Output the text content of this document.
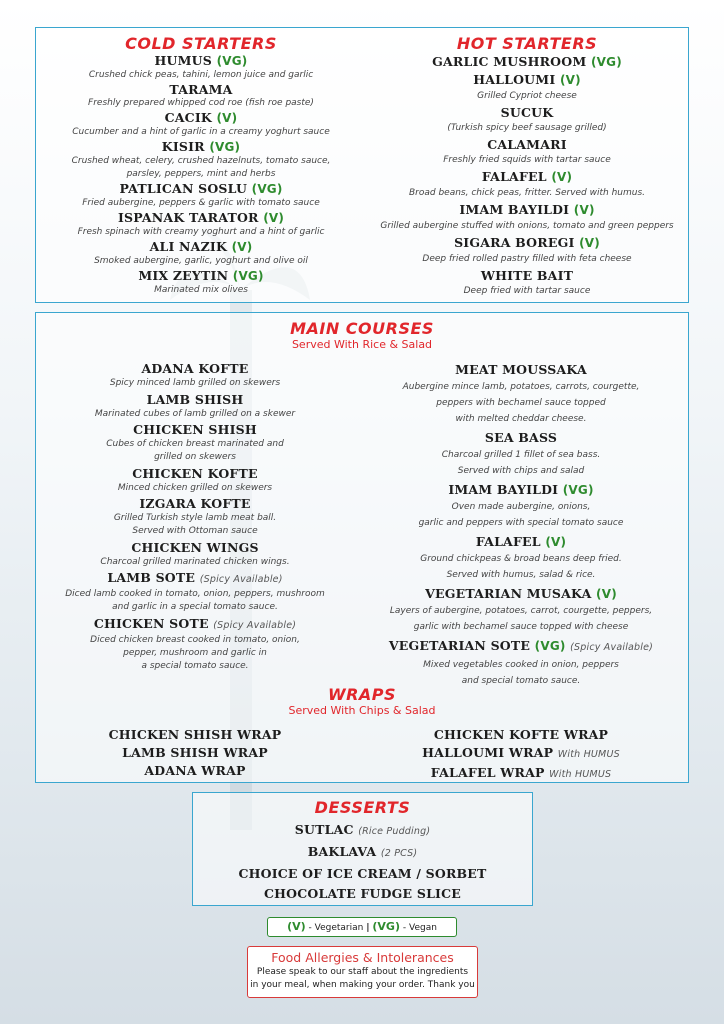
COLD STARTERS
HUMUS (VG)
Crushed chick peas, tahini, lemon juice and garlic
TARAMA
Freshly prepared whipped cod roe (fish roe paste)
CACIK (V)
Cucumber and a hint of garlic in a creamy yoghurt sauce
KISIR (VG)
Crushed wheat, celery, crushed hazelnuts, tomato sauce,
parsley, peppers, mint and herbs
PATLICAN SOSLU (VG)
Fried aubergine, peppers & garlic with tomato sauce
ISPANAK TARATOR (V)
Fresh spinach with creamy yoghurt and a hint of garlic
ALI NAZIK (V)
Smoked aubergine, garlic, yoghurt and olive oil
MIX ZEYTIN (VG)
Marinated mix olives
HOT STARTERS
GARLIC MUSHROOM (VG)
HALLOUMI (V)
Grilled Cypriot cheese
SUCUK
(Turkish spicy beef sausage grilled)
CALAMARI
Freshly fried squids with tartar sauce
FALAFEL (V)
Broad beans, chick peas, fritter. Served with humus.
IMAM BAYILDI (V)
Grilled aubergine stuffed with onions, tomato and green peppers
SIGARA BOREGI (V)
Deep fried rolled pastry filled with feta cheese
WHITE BAIT
Deep fried with tartar sauce
MAIN COURSES
Served With Rice & Salad
ADANA KOFTE
Spicy minced lamb grilled on skewers
LAMB SHISH
Marinated cubes of lamb grilled on a skewer
CHICKEN SHISH
Cubes of chicken breast marinated and
grilled on skewers
CHICKEN KOFTE
Minced chicken grilled on skewers
IZGARA KOFTE
Grilled Turkish style lamb meat ball.
Served with Ottoman sauce
CHICKEN WINGS
Charcoal grilled marinated chicken wings.
LAMB SOTE (Spicy Available)
Diced lamb cooked in tomato, onion, peppers, mushroom
and garlic in a special tomato sauce.
CHICKEN SOTE (Spicy Available)
Diced chicken breast cooked in tomato, onion,
pepper, mushroom and garlic in
a special tomato sauce.
MEAT MOUSSAKA
Aubergine mince lamb, potatoes, carrots, courgette,
peppers with bechamel sauce topped
with melted cheddar cheese.
SEA BASS
Charcoal grilled 1 fillet of sea bass.
Served with chips and salad
IMAM BAYILDI (VG)
Oven made aubergine, onions,
garlic and peppers with special tomato sauce
FALAFEL (V)
Ground chickpeas & broad beans deep fried.
Served with humus, salad & rice.
VEGETARIAN MUSAKA (V)
Layers of aubergine, potatoes, carrot, courgette, peppers,
garlic with bechamel sauce topped with cheese
VEGETARIAN SOTE (VG) (Spicy Available)
Mixed vegetables cooked in onion, peppers
and special tomato sauce.
WRAPS
Served With Chips & Salad
CHICKEN SHISH WRAP
LAMB SHISH WRAP
ADANA WRAP
CHICKEN KOFTE WRAP
HALLOUMI WRAP With HUMUS
FALAFEL WRAP With HUMUS
DESSERTS
SUTLAC (Rice Pudding)
BAKLAVA (2 PCS)
CHOICE OF ICE CREAM / SORBET
CHOCOLATE FUDGE SLICE
(V) - Vegetarian | (VG) - Vegan
Food Allergies & Intolerances
Please speak to our staff about the ingredients
in your meal, when making your order. Thank you
